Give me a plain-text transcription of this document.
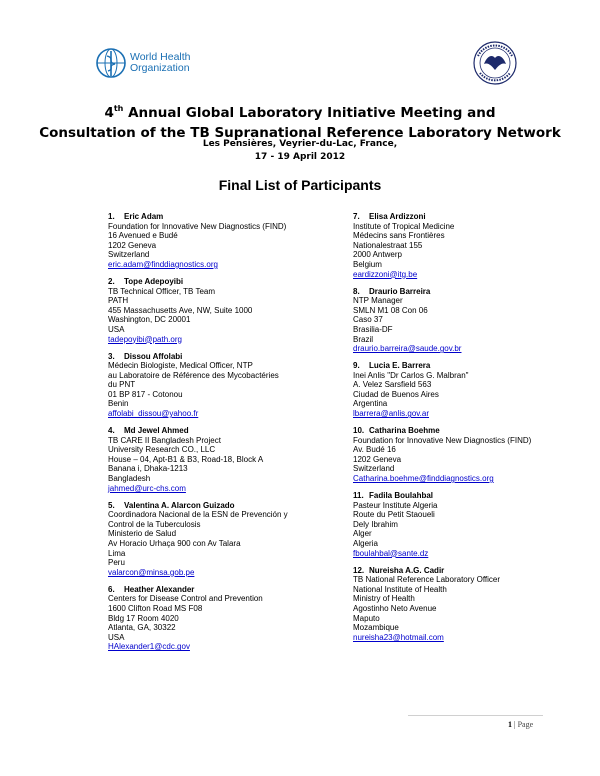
World Health
Organization
4th Annual Global Laboratory Initiative Meeting and
Consultation of the TB Supranational Reference Laboratory Network
Les Pensières, Veyrier-du-Lac, France,
17 - 19 April 2012
Final List of Participants
1. Eric Adam
Foundation for Innovative New Diagnostics (FIND)
16 Avenued e Budé
1202 Geneva
Switzerland
eric.adam@finddiagnostics.org
2. Tope Adepoyibi
TB Technical Officer, TB Team
PATH
455 Massachusetts Ave, NW, Suite 1000
Washington, DC 20001
USA
tadepoyibi@path.org
3. Dissou Affolabi
Médecin Biologiste, Medical Officer, NTP
au Laboratoire de Référence des Mycobactéries
du PNT
01 BP 817 - Cotonou
Benin
affolabi_dissou@yahoo.fr
4. Md Jewel Ahmed
TB CARE II Bangladesh Project
University Research CO., LLC
House – 04, Apt-B1 & B3, Road-18, Block A
Banana i, Dhaka-1213
Bangladesh
jahmed@urc-chs.com
5. Valentina A. Alarcon Guizado
Coordinadora Nacional de la ESN de Prevención y
Control de la Tuberculosis
Ministerio de Salud
Av Horacio Urhaça 900 con Av Talara
Lima
Peru
valarcon@minsa.gob.pe
6. Heather Alexander
Centers for Disease Control and Prevention
1600 Clifton Road MS F08
Bldg 17 Room 4020
Atlanta, GA, 30322
USA
HAlexander1@cdc.gov
7. Elisa Ardizzoni
Institute of Tropical Medicine
Médecins sans Frontières
Nationalestraat 155
2000 Antwerp
Belgium
eardizzoni@itg.be
8. Draurio Barreira
NTP Manager
SMLN M1 08 Con 06
Caso 37
Brasilia-DF
Brazil
draurio.barreira@saude.gov.br
9. Lucia E. Barrera
Inei Anlis "Dr Carlos G. Malbran"
A. Velez Sarsfield 563
Ciudad de Buenos Aires
Argentina
lbarrera@anlis.gov.ar
10. Catharina Boehme
Foundation for Innovative New Diagnostics (FIND)
Av. Budé 16
1202 Geneva
Switzerland
Catharina.boehme@finddiagnostics.org
11. Fadila Boulahbal
Pasteur Institute Algeria
Route du Petit Staoueli
Dely Ibrahim
Alger
Algeria
fboulahbal@sante.dz
12. Nureisha A.G. Cadir
TB National Reference Laboratory Officer
National Institute of Health
Ministry of Health
Agostinho Neto Avenue
Maputo
Mozambique
nureisha23@hotmail.com
1 | Page
